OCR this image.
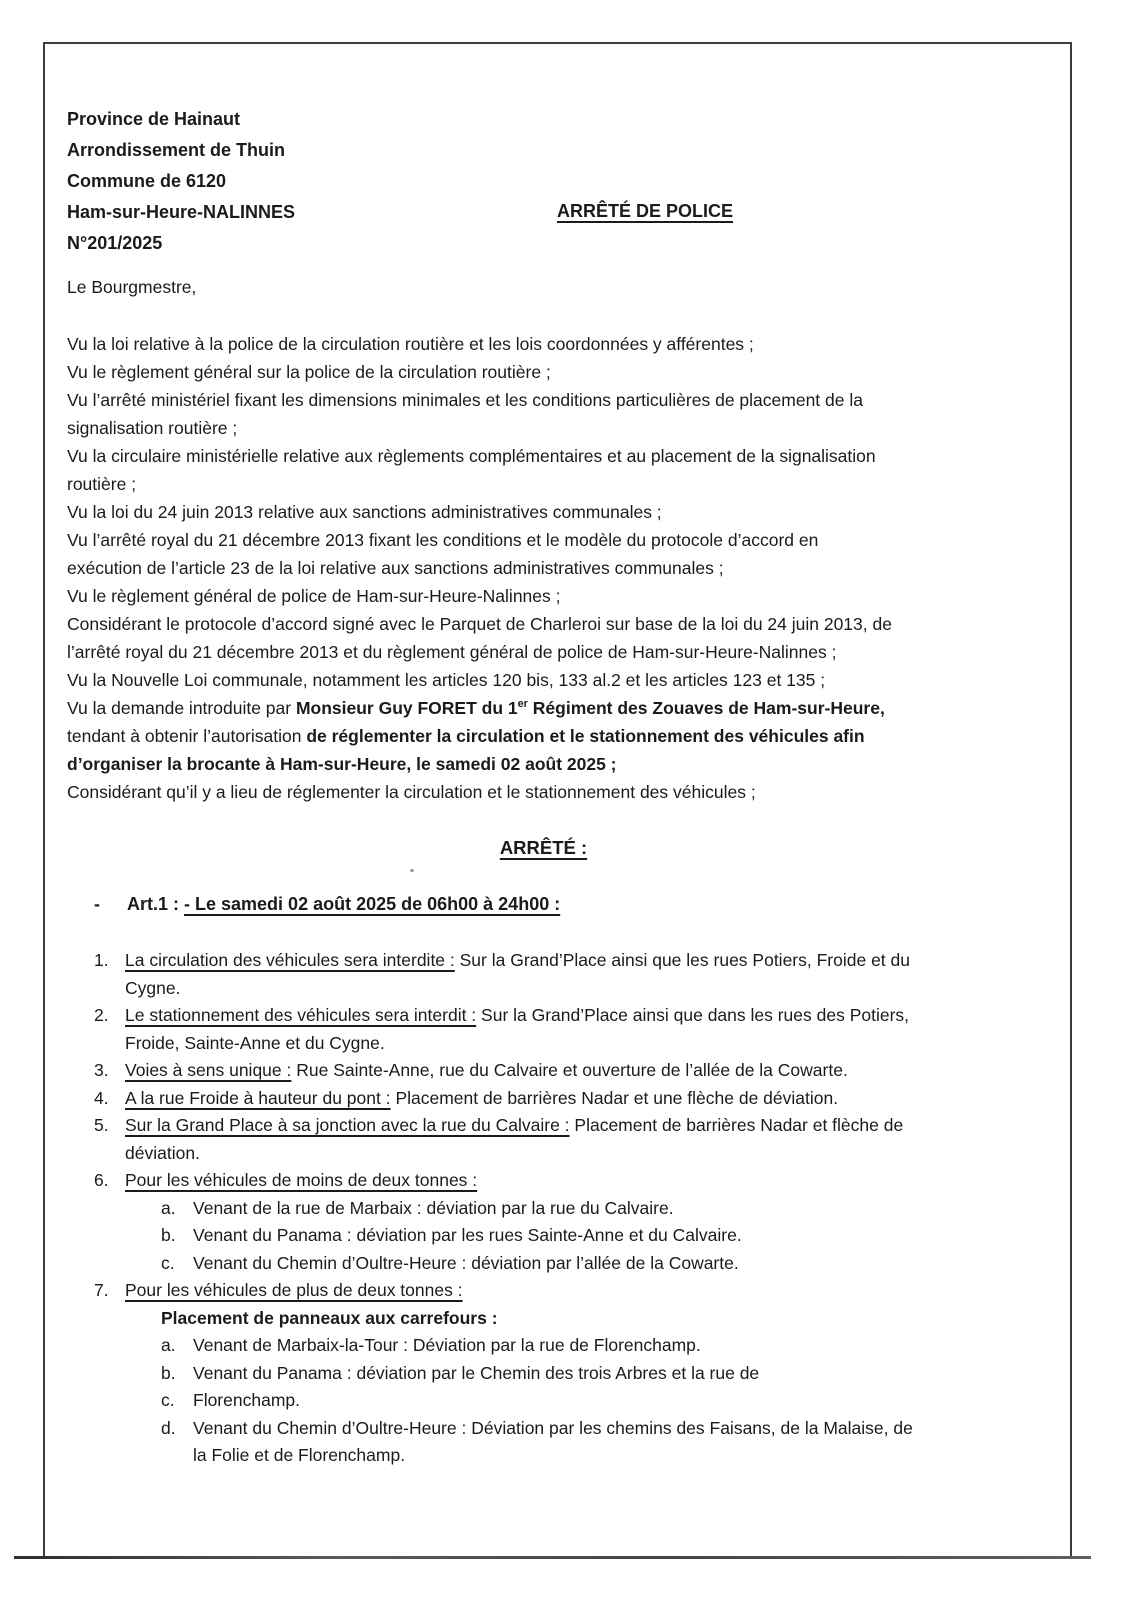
Province de Hainaut
Arrondissement de Thuin
Commune de 6120
Ham-sur-Heure-NALINNES
N°201/2025
ARRÊTÉ DE POLICE
Le Bourgmestre,
Vu la loi relative à la police de la circulation routière et les lois coordonnées y afférentes ;
Vu le règlement général sur la police de la circulation routière ;
Vu l’arrêté ministériel fixant les dimensions minimales et les conditions particulières de placement de la
signalisation routière ;
Vu la circulaire ministérielle relative aux règlements complémentaires et au placement de la signalisation
routière ;
Vu la loi du 24 juin 2013 relative aux sanctions administratives communales ;
Vu l’arrêté royal du 21 décembre 2013 fixant les conditions et le modèle du protocole d’accord en
exécution de l’article 23 de la loi relative aux sanctions administratives communales ;
Vu le règlement général de police de Ham-sur-Heure-Nalinnes ;
Considérant le protocole d’accord signé avec le Parquet de Charleroi sur base de la loi du 24 juin 2013, de
l’arrêté royal du 21 décembre 2013 et du règlement général de police de Ham-sur-Heure-Nalinnes ;
Vu la Nouvelle Loi communale, notamment les articles 120 bis, 133 al.2 et les articles 123 et 135 ;
Vu la demande introduite par Monsieur Guy FORET du 1er Régiment des Zouaves de Ham-sur-Heure,
tendant à obtenir l’autorisation de réglementer la circulation et le stationnement des véhicules afin
d’organiser la brocante à Ham-sur-Heure, le samedi 02 août 2025 ;
Considérant qu’il y a lieu de réglementer la circulation et le stationnement des véhicules ;
ARRÊTÉ :
- Art.1 : - Le samedi 02 août 2025 de 06h00 à 24h00 :
1. La circulation des véhicules sera interdite : Sur la Grand’Place ainsi que les rues Potiers, Froide et du
Cygne.
2. Le stationnement des véhicules sera interdit : Sur la Grand’Place ainsi que dans les rues des Potiers,
Froide, Sainte-Anne et du Cygne.
3. Voies à sens unique : Rue Sainte-Anne, rue du Calvaire et ouverture de l’allée de la Cowarte.
4. A la rue Froide à hauteur du pont : Placement de barrières Nadar et une flèche de déviation.
5. Sur la Grand Place à sa jonction avec la rue du Calvaire : Placement de barrières Nadar et flèche de
déviation.
6. Pour les véhicules de moins de deux tonnes :
a. Venant de la rue de Marbaix : déviation par la rue du Calvaire.
b. Venant du Panama : déviation par les rues Sainte-Anne et du Calvaire.
c. Venant du Chemin d’Oultre-Heure : déviation par l’allée de la Cowarte.
7. Pour les véhicules de plus de deux tonnes :
Placement de panneaux aux carrefours :
a. Venant de Marbaix-la-Tour : Déviation par la rue de Florenchamp.
b. Venant du Panama : déviation par le Chemin des trois Arbres et la rue de
c. Florenchamp.
d. Venant du Chemin d’Oultre-Heure : Déviation par les chemins des Faisans, de la Malaise, de
la Folie et de Florenchamp.
